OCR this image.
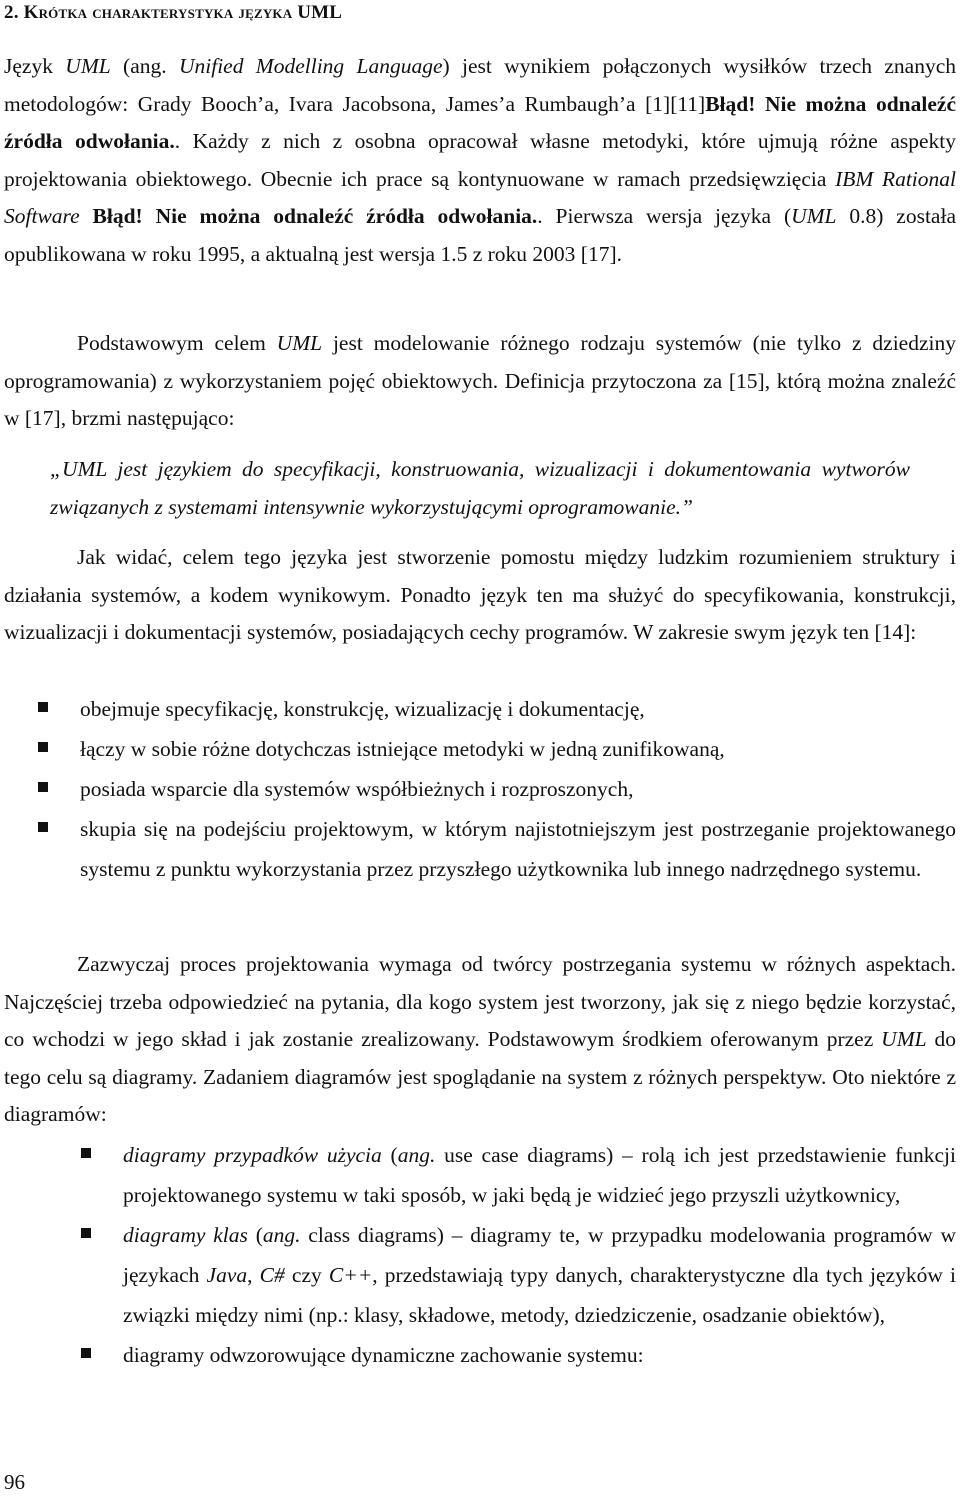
2. Krótka charakterystyka języka UML
Język UML (ang. Unified Modelling Language) jest wynikiem połączonych wysiłków trzech znanych metodologów: Grady Booch’a, Ivara Jacobsona, James’a Rumbaugh’a [1][11]Błąd! Nie można odnaleźć źródła odwołania.. Każdy z nich z osobna opracował własne metodyki, które ujmują różne aspekty projektowania obiektowego. Obecnie ich prace są kontynuowane w ramach przedsięwzięcia IBM Rational Software Błąd! Nie można odnaleźć źródła odwołania.. Pierwsza wersja języka (UML 0.8) została opublikowana w roku 1995, a aktualną jest wersja 1.5 z roku 2003 [17].
Podstawowym celem UML jest modelowanie różnego rodzaju systemów (nie tylko z dziedziny oprogramowania) z wykorzystaniem pojęć obiektowych. Definicja przytoczona za [15], którą można znaleźć w [17], brzmi następująco:
„UML jest językiem do specyfikacji, konstruowania, wizualizacji i dokumentowania wytworów związanych z systemami intensywnie wykorzystującymi oprogramowanie.”
Jak widać, celem tego języka jest stworzenie pomostu między ludzkim rozumieniem struktury i działania systemów, a kodem wynikowym. Ponadto język ten ma służyć do specyfikowania, konstrukcji, wizualizacji i dokumentacji systemów, posiadających cechy programów. W zakresie swym język ten [14]:
obejmuje specyfikację, konstrukcję, wizualizację i dokumentację,
łączy w sobie różne dotychczas istniejące metodyki w jedną zunifikowaną,
posiada wsparcie dla systemów współbieżnych i rozproszonych,
skupia się na podejściu projektowym, w którym najistotniejszym jest postrzeganie projektowanego systemu z punktu wykorzystania przez przyszłego użytkownika lub innego nadrzędnego systemu.
Zazwyczaj proces projektowania wymaga od twórcy postrzegania systemu w różnych aspektach. Najczęściej trzeba odpowiedzieć na pytania, dla kogo system jest tworzony, jak się z niego będzie korzystać, co wchodzi w jego skład i jak zostanie zrealizowany. Podstawowym środkiem oferowanym przez UML do tego celu są diagramy. Zadaniem diagramów jest spoglądanie na system z różnych perspektyw. Oto niektóre z diagramów:
diagramy przypadków użycia (ang. use case diagrams) – rolą ich jest przedstawienie funkcji projektowanego systemu w taki sposób, w jaki będą je widzieć jego przyszli użytkownicy,
diagramy klas (ang. class diagrams) – diagramy te, w przypadku modelowania programów w językach Java, C# czy C++, przedstawiają typy danych, charakterystyczne dla tych języków i związki między nimi (np.: klasy, składowe, metody, dziedziczenie, osadzanie obiektów),
diagramy odwzorowujące dynamiczne zachowanie systemu:
96
